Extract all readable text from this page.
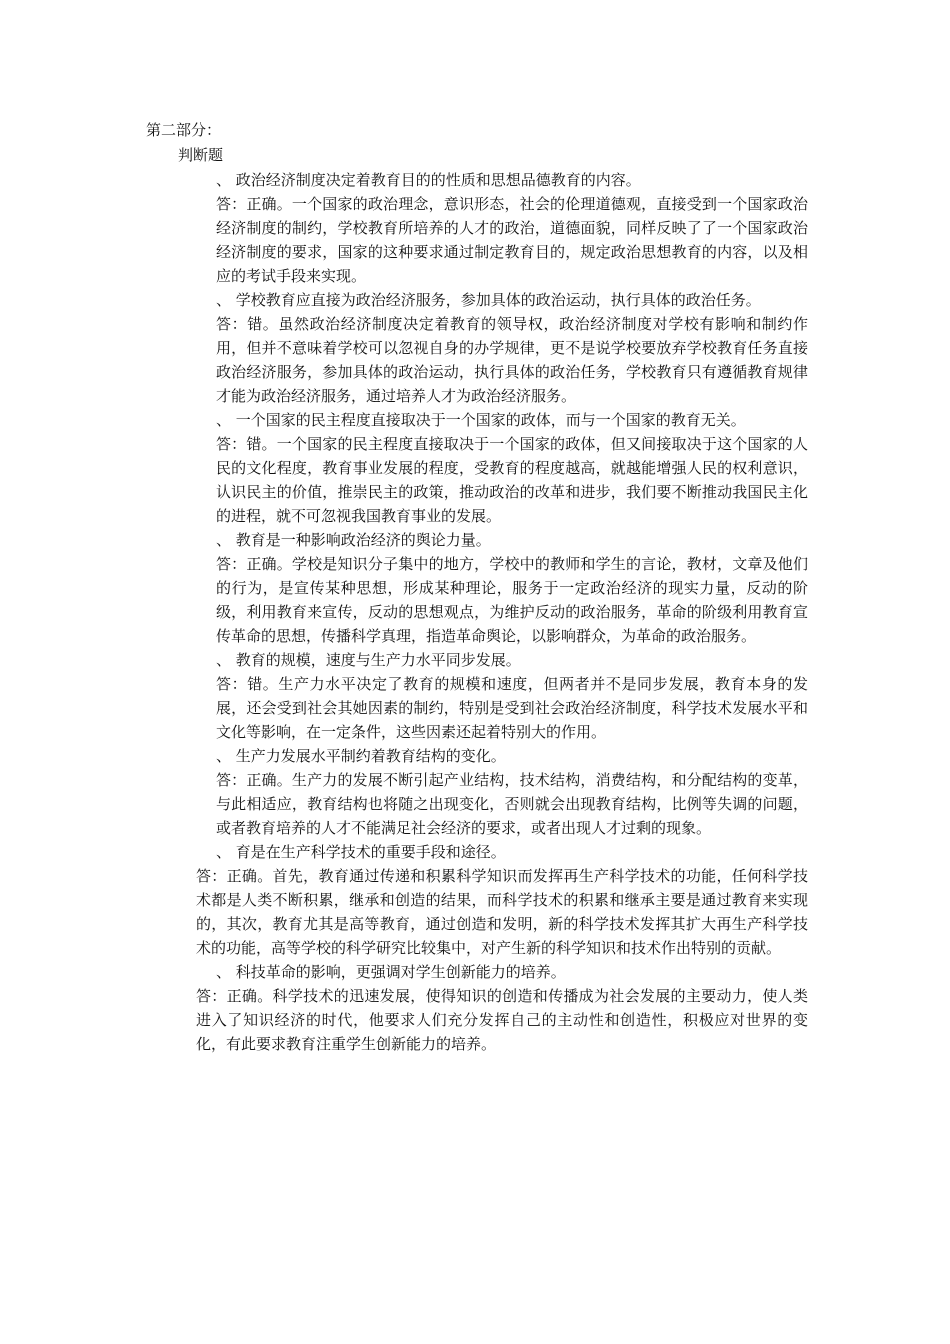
第二部分：
判断题

、 政治经济制度决定着教育目的的性质和思想品德教育的内容。

答：正确。一个国家的政治理念，意识形态，社会的伦理道德观，直接受到一个国家政治经济制度的制约，学校教育所培养的人才的政治，道德面貌，同样反映了了一个国家政治经济制度的要求，国家的这种要求通过制定教育目的，规定政治思想教育的内容，以及相应的考试手段来实现。

、 学校教育应直接为政治经济服务，参加具体的政治运动，执行具体的政治任务。

答：错。虽然政治经济制度决定着教育的领导权，政治经济制度对学校有影响和制约作用，但并不意味着学校可以忽视自身的办学规律，更不是说学校要放弃学校教育任务直接政治经济服务，参加具体的政治运动，执行具体的政治任务，学校教育只有遵循教育规律才能为政治经济服务，通过培养人才为政治经济服务。

、 一个国家的民主程度直接取决于一个国家的政体，而与一个国家的教育无关。

答：错。一个国家的民主程度直接取决于一个国家的政体，但又间接取决于这个国家的人民的文化程度，教育事业发展的程度，受教育的程度越高，就越能增强人民的权利意识，认识民主的价值，推崇民主的政策，推动政治的改革和进步，我们要不断推动我国民主化的进程，就不可忽视我国教育事业的发展。

、 教育是一种影响政治经济的舆论力量。

答：正确。学校是知识分子集中的地方，学校中的教师和学生的言论，教材，文章及他们的行为，是宣传某种思想，形成某种理论，服务于一定政治经济的现实力量，反动的阶级，利用教育来宣传，反动的思想观点，为维护反动的政治服务，革命的阶级利用教育宣传革命的思想，传播科学真理，指造革命舆论，以影响群众，为革命的政治服务。

、 教育的规模，速度与生产力水平同步发展。

答：错。生产力水平决定了教育的规模和速度，但两者并不是同步发展，教育本身的发展，还会受到社会其她因素的制约，特别是受到社会政治经济制度，科学技术发展水平和文化等影响，在一定条件，这些因素还起着特别大的作用。

、 生产力发展水平制约着教育结构的变化。

答：正确。生产力的发展不断引起产业结构，技术结构，消费结构，和分配结构的变革，与此相适应，教育结构也将随之出现变化，否则就会出现教育结构，比例等失调的问题，或者教育培养的人才不能满足社会经济的要求，或者出现人才过剩的现象。

、 育是在生产科学技术的重要手段和途径。

答：正确。首先，教育通过传递和积累科学知识而发挥再生产科学技术的功能，任何科学技术都是人类不断积累，继承和创造的结果，而科学技术的积累和继承主要是通过教育来实现的，其次，教育尤其是高等教育，通过创造和发明，新的科学技术发挥其扩大再生产科学技术的功能，高等学校的科学研究比较集中，对产生新的科学知识和技术作出特别的贡献。

、 科技革命的影响，更强调对学生创新能力的培养。

答：正确。科学技术的迅速发展，使得知识的创造和传播成为社会发展的主要动力，使人类进入了知识经济的时代，他要求人们充分发挥自己的主动性和创造性，积极应对世界的变化，有此要求教育注重学生创新能力的培养。
